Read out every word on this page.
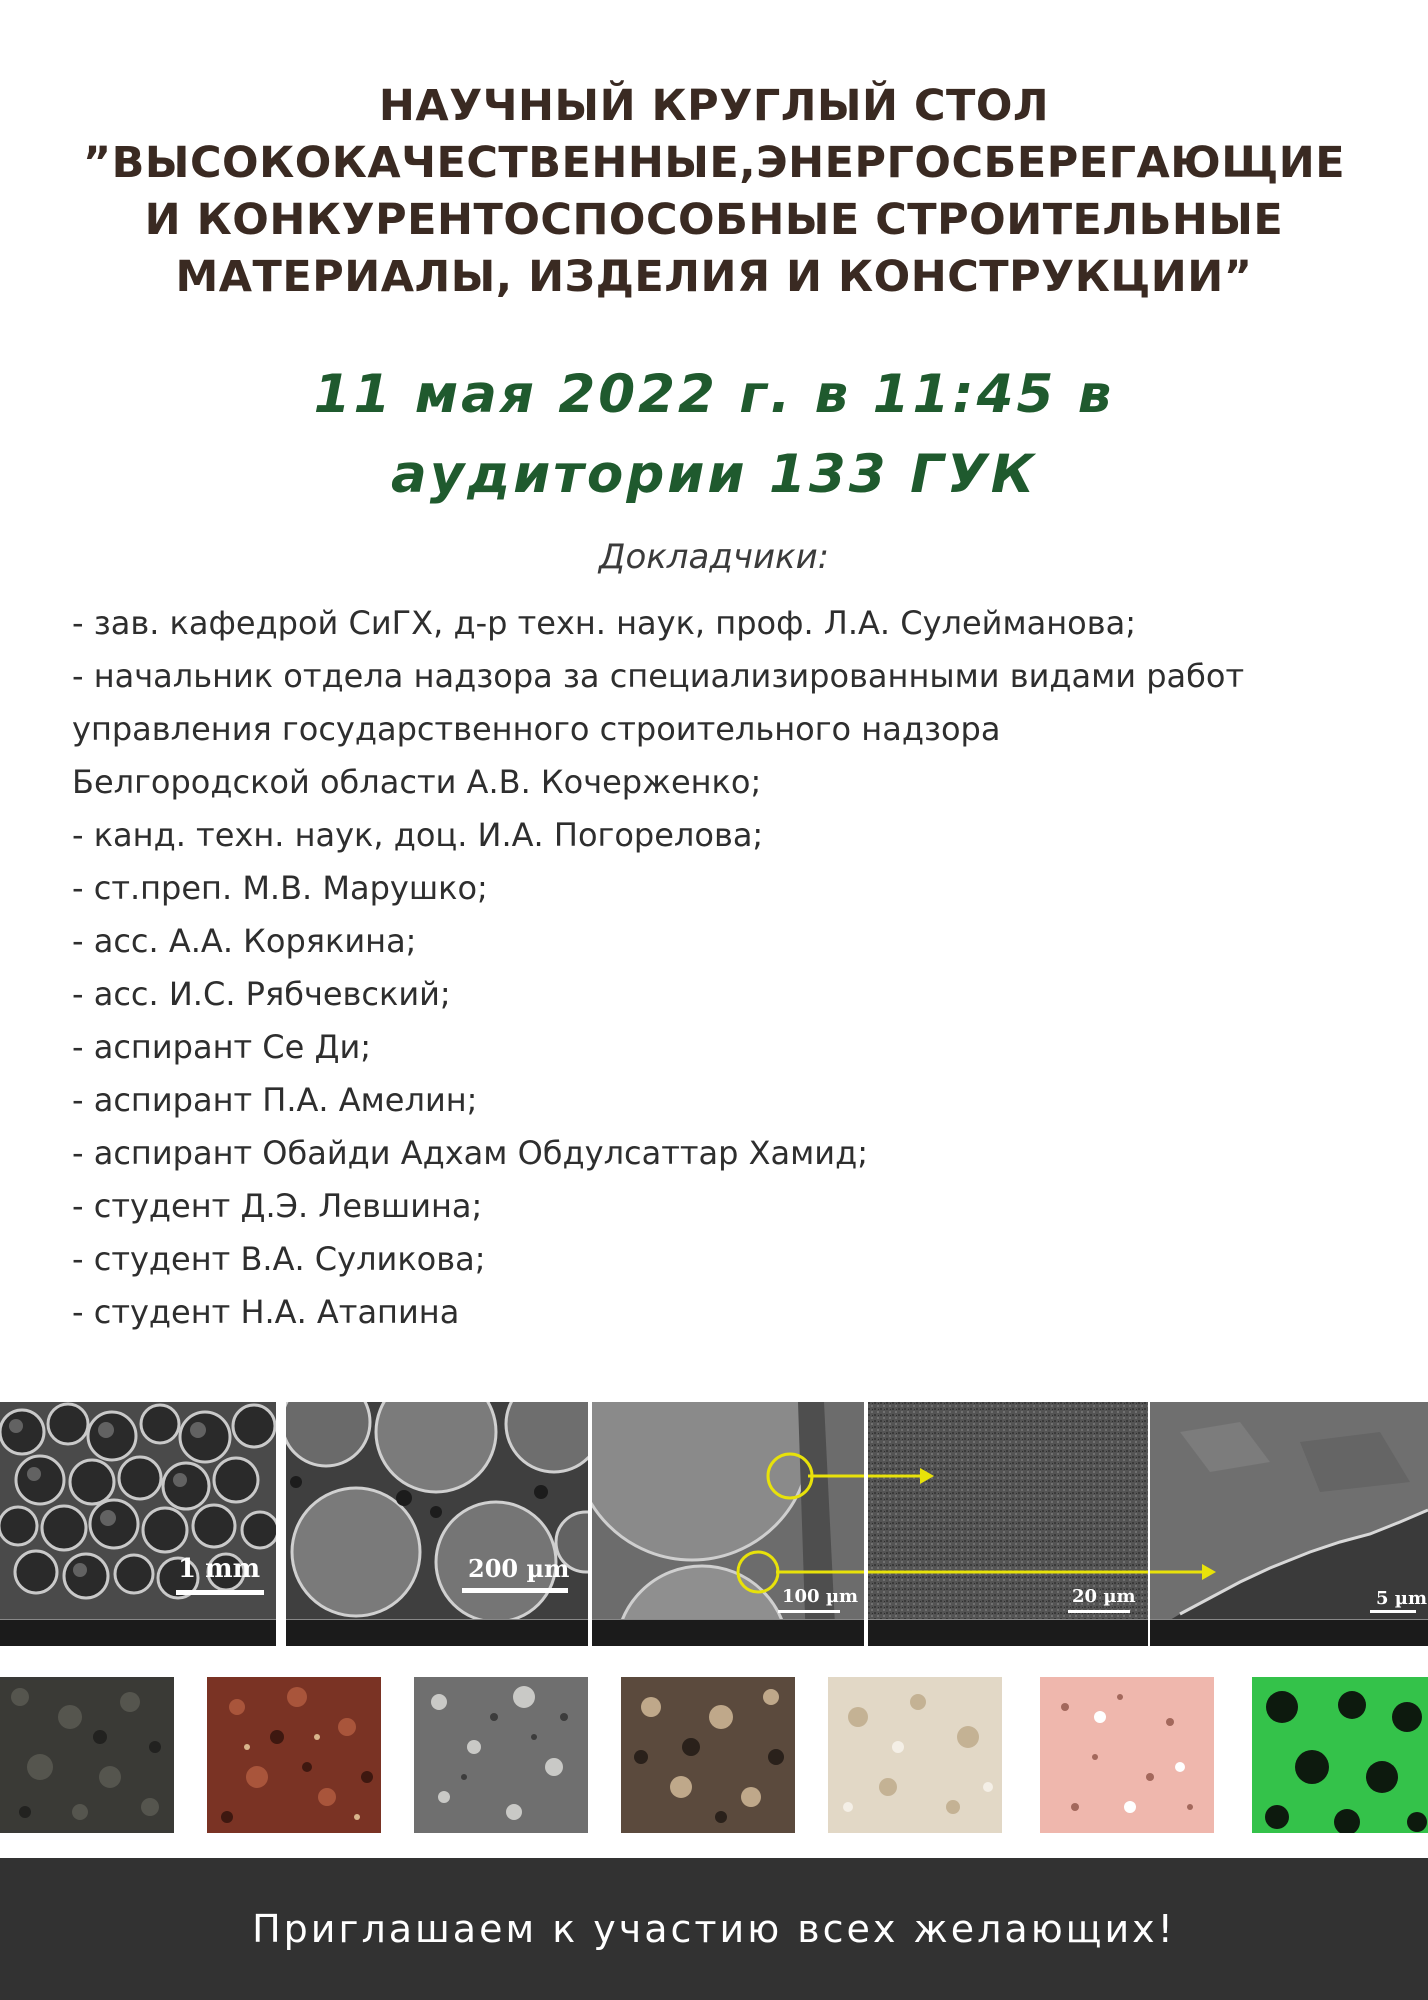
НАУЧНЫЙ КРУГЛЫЙ СТОЛ
”ВЫСОКОКАЧЕСТВЕННЫЕ,ЭНЕРГОСБЕРЕГАЮЩИЕ
И КОНКУРЕНТОСПОСОБНЫЕ СТРОИТЕЛЬНЫЕ
МАТЕРИАЛЫ, ИЗДЕЛИЯ И КОНСТРУКЦИИ”
11 мая 2022 г. в 11:45 в
аудитории 133 ГУК
Докладчики:
- зав. кафедрой СиГХ, д-р техн. наук, проф. Л.А. Сулейманова;
- начальник отдела надзора за специализированными видами работ
управления государственного строительного надзора
Белгородской области А.В. Кочерженко;
- канд. техн. наук, доц. И.А. Погорелова;
- ст.преп. М.В. Марушко;
- асс. А.А. Корякина;
- асс. И.С. Рябчевский;
- аспирант Се Ди;
- аспирант П.А. Амелин;
- аспирант Обайди Адхам Обдулсаттар Хамид;
- студент Д.Э. Левшина;
- студент В.А. Суликова;
- студент Н.А. Атапина
1 mm	200 µm
100 µm	20 µm	5 µm
Приглашаем к участию всех желающих!
